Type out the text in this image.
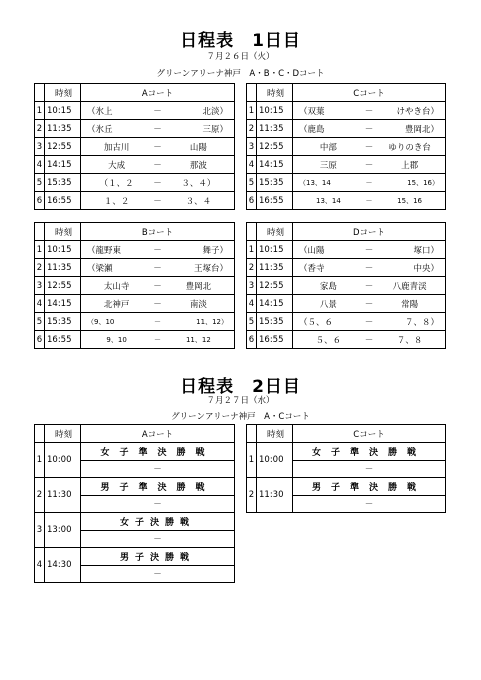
日程表　1日目
７月２６日（火）
グリーンアリーナ神戸　A・B・C・Dコート
	時刻	Aコート
1	10:15	（氷上 － 北淡）

2	11:35	（氷丘 － 三原）

3	12:55	加古川 － 山陽

4	14:15	大成 － 那波

5	15:35	（１、２ － ３、４）

6	16:55	１、２ － ３、４
	時刻	Cコート
1	10:15	（双葉 － けやき台）

2	11:35	（鹿島 － 豊岡北）

3	12:55	中部 － ゆりのき台

4	14:15	三原 － 上郡

5	15:35	（13、14 － 15、16）

6	16:55	13、14 － 15、16
	時刻	Bコート
1	10:15	（龍野東 － 舞子）

2	11:35	（梁瀬 － 王塚台）

3	12:55	太山寺 － 豊岡北

4	14:15	北神戸 － 南淡

5	15:35	（9、10 － 11、12）

6	16:55	9、10 － 11、12
	時刻	Dコート
1	10:15	（山陽 － 塚口）

2	11:35	（香寺 － 中央）

3	12:55	家島 － 八鹿青渓

4	14:15	八景 － 常陽

5	15:35	（５、６ － ７、８）

6	16:55	５、６ － ７、８
日程表　2日目
７月２７日（水）
グリーンアリーナ神戸　A・Cコート
	時刻	Aコート
1	10:00	女子準決勝戦
		－
2	11:30	男子準決勝戦
		－
3	13:00	女子決勝戦
		－
4	14:30	男子決勝戦
		－
	時刻	Cコート
1	10:00	女子準決勝戦
		－
2	11:30	男子準決勝戦
		－
